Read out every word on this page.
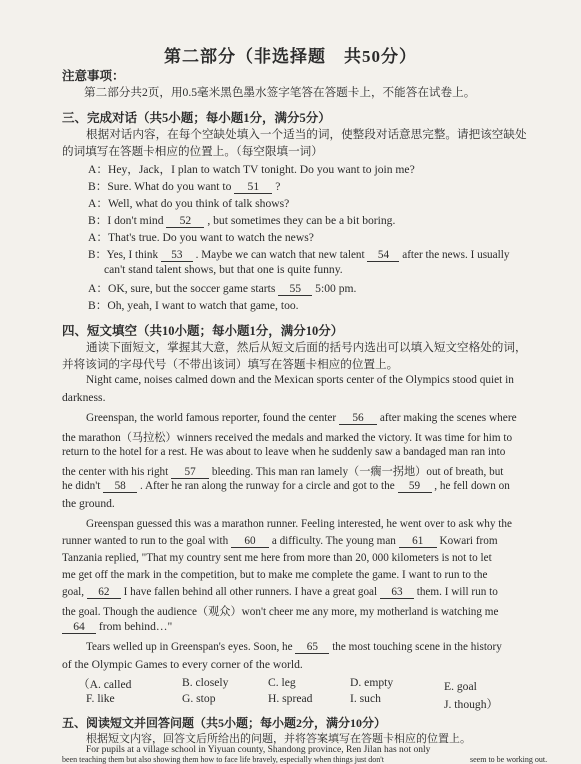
第二部分（非选择题　共50分）
注意事项：
第二部分共2页，用0.5毫米黑色墨水签字笔答在答题卡上，不能答在试卷上。
三、完成对话（共5小题；每小题1分，满分5分）
根据对话内容，在每个空缺处填入一个适当的词，使整段对话意思完整。请把该空缺处
的词填写在答题卡相应的位置上。（每空限填一词）
A：Hey，Jack，I plan to watch TV tonight. Do you want to join me?
B：Sure. What do you want to 51 ?
A：Well, what do you think of talk shows?
B：I don't mind 52 , but sometimes they can be a bit boring.
A：That's true. Do you want to watch the news?
B：Yes, I think 53 . Maybe we can watch that new talent 54 after the news. I usually
can't stand talent shows, but that one is quite funny.
A：OK, sure, but the soccer game starts 55 5:00 pm.
B：Oh, yeah, I want to watch that game, too.
四、短文填空（共10小题；每小题1分，满分10分）
通读下面短文，掌握其大意，然后从短文后面的括号内选出可以填入短文空格处的词，
并将该词的字母代号（不带出该词）填写在答题卡相应的位置上。
Night came, noises calmed down and the Mexican sports center of the Olympics stood quiet in
darkness.
Greenspan, the world famous reporter, found the center 56 after making the scenes where
the marathon（马拉松）winners received the medals and marked the victory. It was time for him to
return to the hotel for a rest. He was about to leave when he suddenly saw a bandaged man ran into
the center with his right 57 bleeding. This man ran lamely（一瘸一拐地）out of breath, but
he didn't 58 . After he ran along the runway for a circle and got to the 59 , he fell down on
the ground.
Greenspan guessed this was a marathon runner. Feeling interested, he went over to ask why the
runner wanted to run to the goal with 60 a difficulty. The young man 61 Kowari from
Tanzania replied, "That my country sent me here from more than 20, 000 kilometers is not to let
me get off the mark in the competition, but to make me complete the game. I want to run to the
goal, 62 I have fallen behind all other runners. I have a great goal 63 them. I will run to
the goal. Though the audience（观众）won't cheer me any more, my motherland is watching me
64 from behind…"
Tears welled up in Greenspan's eyes. Soon, he 65 the most touching scene in the history
of the Olympic Games to every corner of the world.
（A. called	B. closely	C. leg	D. empty	E. goal
F. like	G. stop	H. spread	I. such	J. though）
五、阅读短文并回答问题（共5小题；每小题2分，满分10分）
根据短文内容，回答文后所给出的问题，并将答案填写在答题卡相应的位置上。
For pupils at a village school in Yiyuan county, Shandong province, Ren Jilan has not only
been teaching them but also showing them how to face life bravely, especially when things just don't	seem to be working out.
